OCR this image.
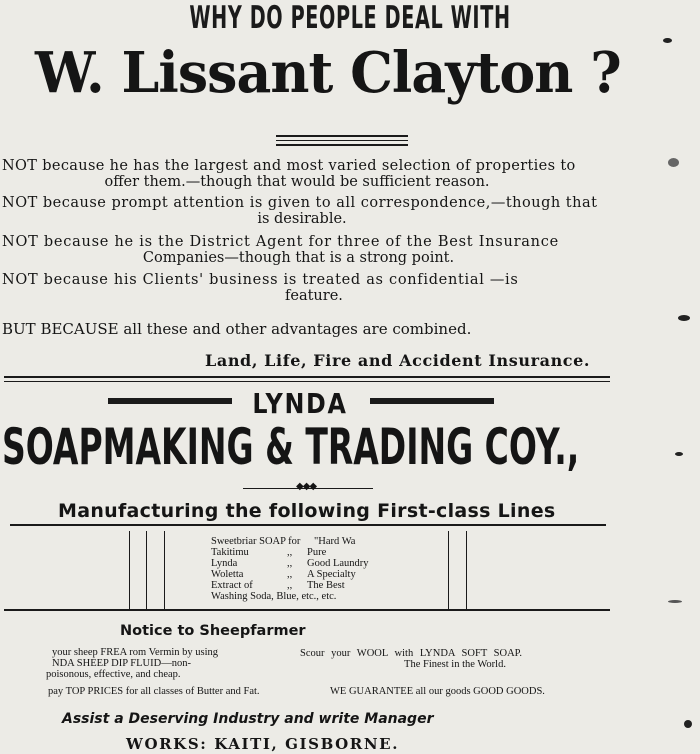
WHY DO PEOPLE DEAL WITH
W. Lissant Clayton ?
NOT because he has the largest and most varied selection of properties to
offer them.—though that would be sufficient reason.
NOT because prompt attention is given to all correspondence,—though that
is desirable.
NOT because he is the District Agent for three of the Best Insurance
Companies—though that is a strong point.
NOT because his Clients' business is treated as confidential —is
feature.
BUT BECAUSE all these and other advantages are combined.
Land, Life, Fire and Accident Insurance.
LYNDA
SOAPMAKING & TRADING COY.,
◆◆◆
Manufacturing the following First-class Lines
Sweetbriar SOAP for	"Hard Wa
Takitimu	,,	Pure
Lynda	,,	Good Laundry
Woletta	,,	A Specialty
Extract of	,,	The Best
Washing Soda, Blue, etc., etc.
Notice to Sheepfarmer
your sheep FREA rom Vermin by using
NDA SHEEP DIP FLUID—non-
poisonous, effective, and cheap.
Scour your WOOL with LYNDA SOFT SOAP.
The Finest in the World.
pay TOP PRICES for all classes of Butter and Fat.	WE GUARANTEE all our goods GOOD GOODS.
Assist a Deserving Industry and write Manager
WORKS: KAITI, GISBORNE.
